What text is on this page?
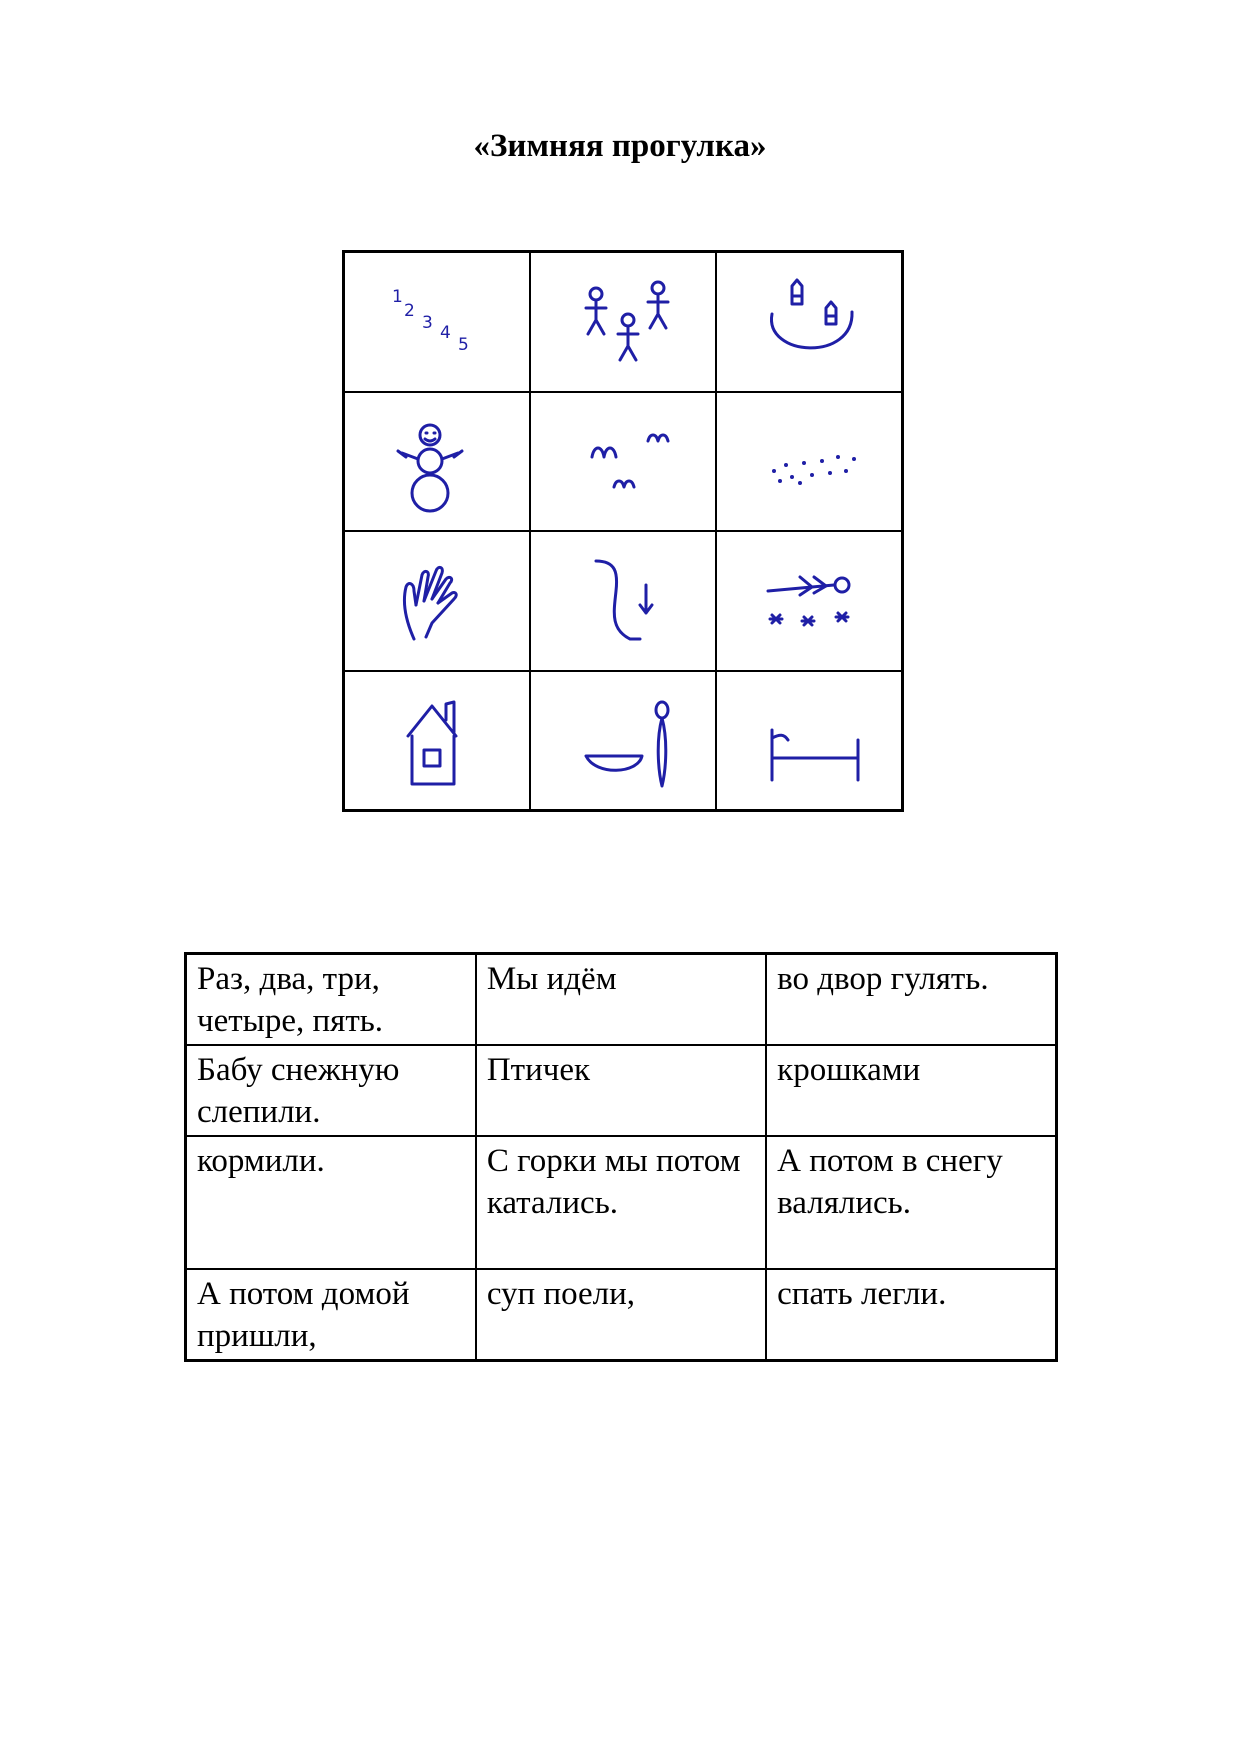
«Зимняя прогулка»
1
2
3 4
5
Раз, два, три, четыре, пять.	Мы идём	во двор гулять.
Бабу снежную слепили.	Птичек	крошками
кормили.	С горки мы потом катались.	А потом в снегу валялись.
А потом домой пришли,	суп поели,	спать легли.
